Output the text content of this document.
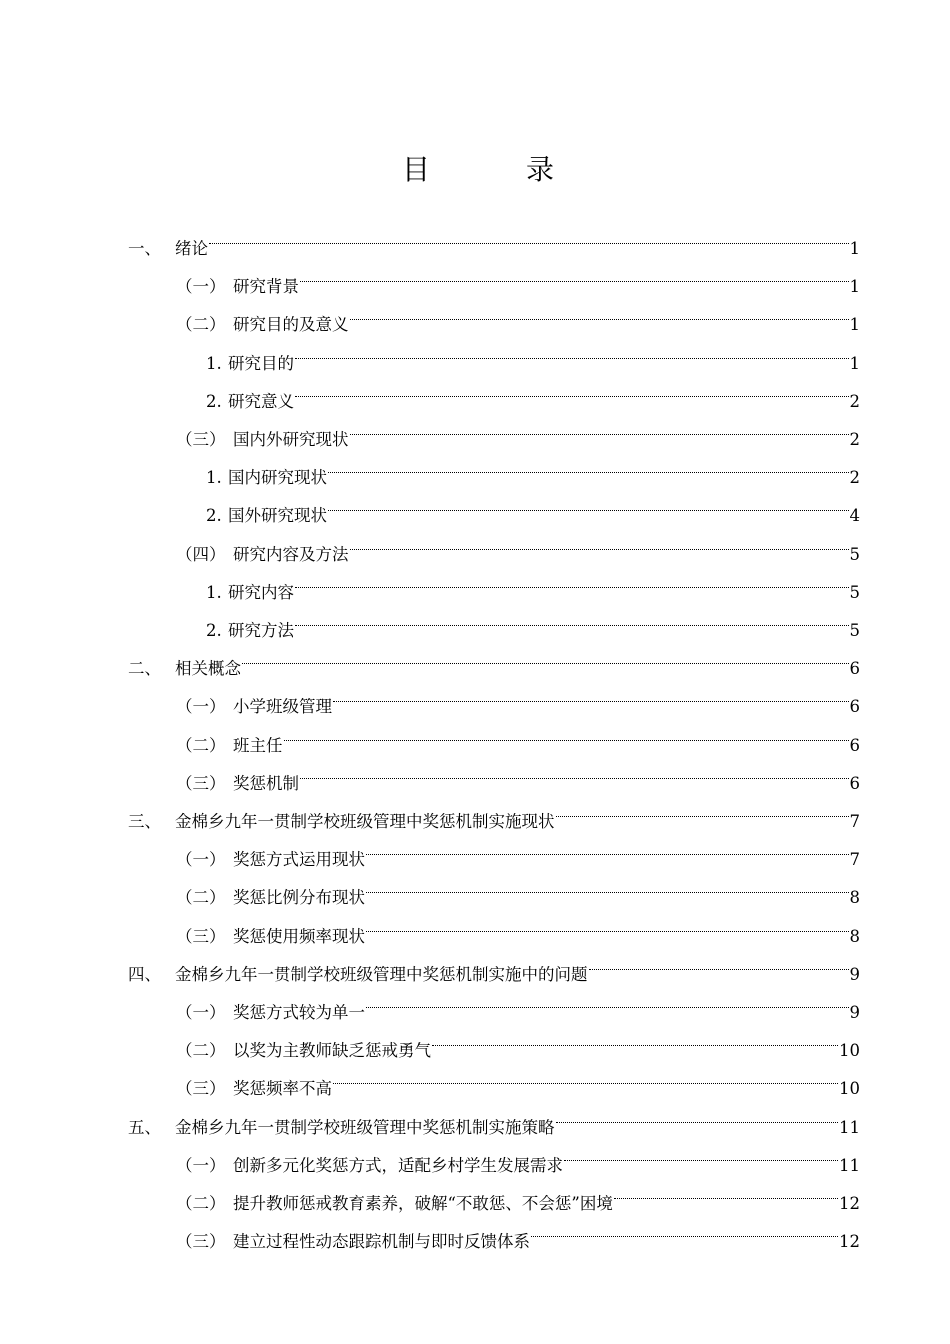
目　录
一、 绪论	1
（一） 研究背景	1
（二） 研究目的及意义	1
1. 研究目的	1
2. 研究意义	2
（三） 国内外研究现状	2
1. 国内研究现状	2
2. 国外研究现状	4
（四） 研究内容及方法	5
1. 研究内容	5
2. 研究方法	5
二、 相关概念	6
（一） 小学班级管理	6
（二） 班主任	6
（三） 奖惩机制	6
三、 金棉乡九年一贯制学校班级管理中奖惩机制实施现状	7
（一） 奖惩方式运用现状	7
（二） 奖惩比例分布现状	8
（三） 奖惩使用频率现状	8
四、 金棉乡九年一贯制学校班级管理中奖惩机制实施中的问题	9
（一） 奖惩方式较为单一	9
（二） 以奖为主教师缺乏惩戒勇气	10
（三） 奖惩频率不高	10
五、 金棉乡九年一贯制学校班级管理中奖惩机制实施策略	11
（一） 创新多元化奖惩方式，适配乡村学生发展需求	11
（二） 提升教师惩戒教育素养，破解“不敢惩、不会惩”困境	12
（三） 建立过程性动态跟踪机制与即时反馈体系	12
